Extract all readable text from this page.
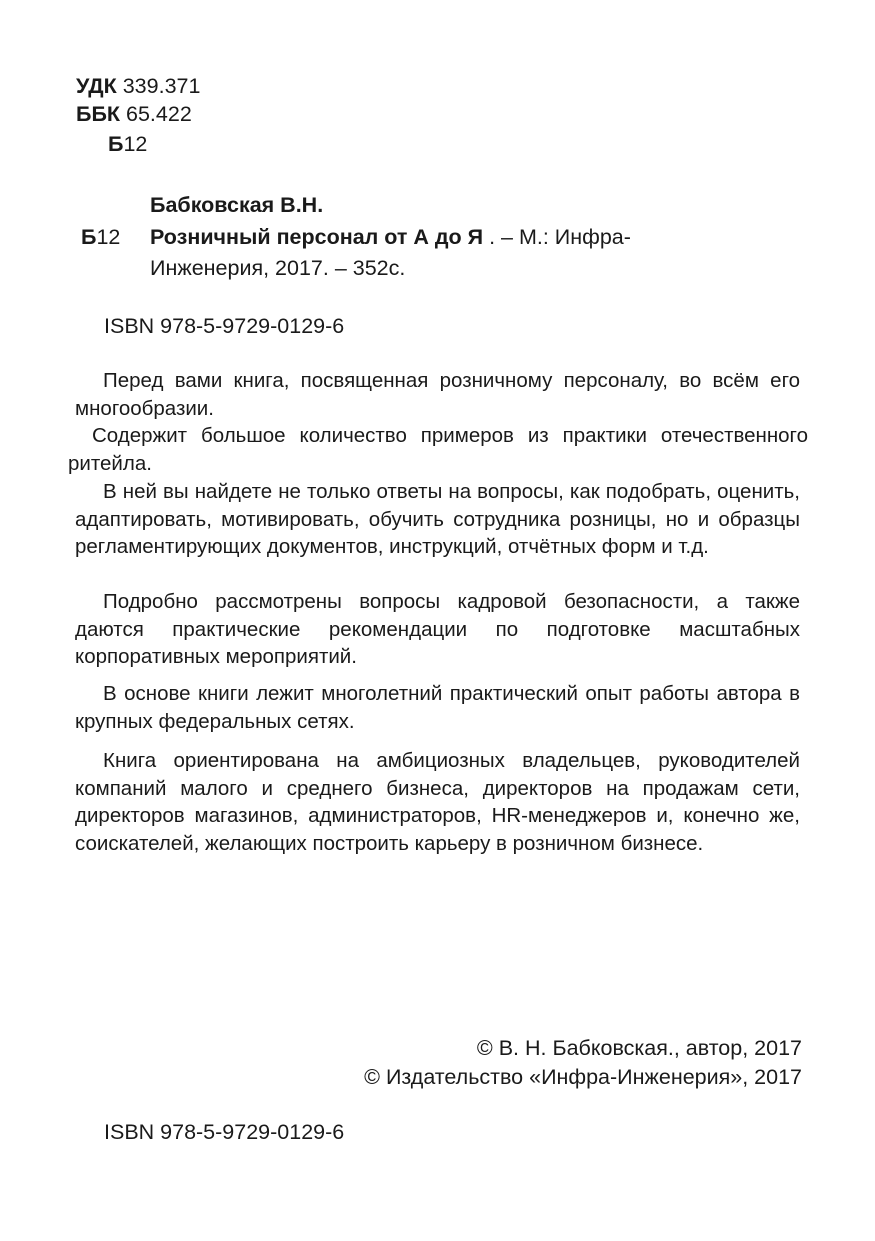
УДК 339.371
ББК 65.422
Б12
Бабковская В.Н.
Б12 Розничный персонал от А до Я . – М.: Инфра-
Инженерия, 2017. – 352с.
ISBN 978-5-9729-0129-6
Перед вами книга, посвященная розничному персоналу, во всём его многообразии.
Содержит большое количество примеров из практики отечественного ритейла.
В ней вы найдете не только ответы на вопросы, как подобрать, оценить, адаптировать, мотивировать, обучить сотрудника розницы, но и образцы регламентирующих документов, инструкций, отчётных форм и т.д.
Подробно рассмотрены вопросы кадровой безопасности, а также даются практические рекомендации по подготовке масштабных корпоративных мероприятий.
В основе книги лежит многолетний практический опыт работы автора в крупных федеральных сетях.
Книга ориентирована на амбициозных владельцев, руководителей компаний малого и среднего бизнеса, директоров на продажам сети, директоров магазинов, администраторов, HR-менеджеров и, конечно же, соискателей, желающих построить карьеру в розничном бизнесе.
© В. Н. Бабковская., автор, 2017
© Издательство «Инфра-Инженерия», 2017
ISBN 978-5-9729-0129-6
